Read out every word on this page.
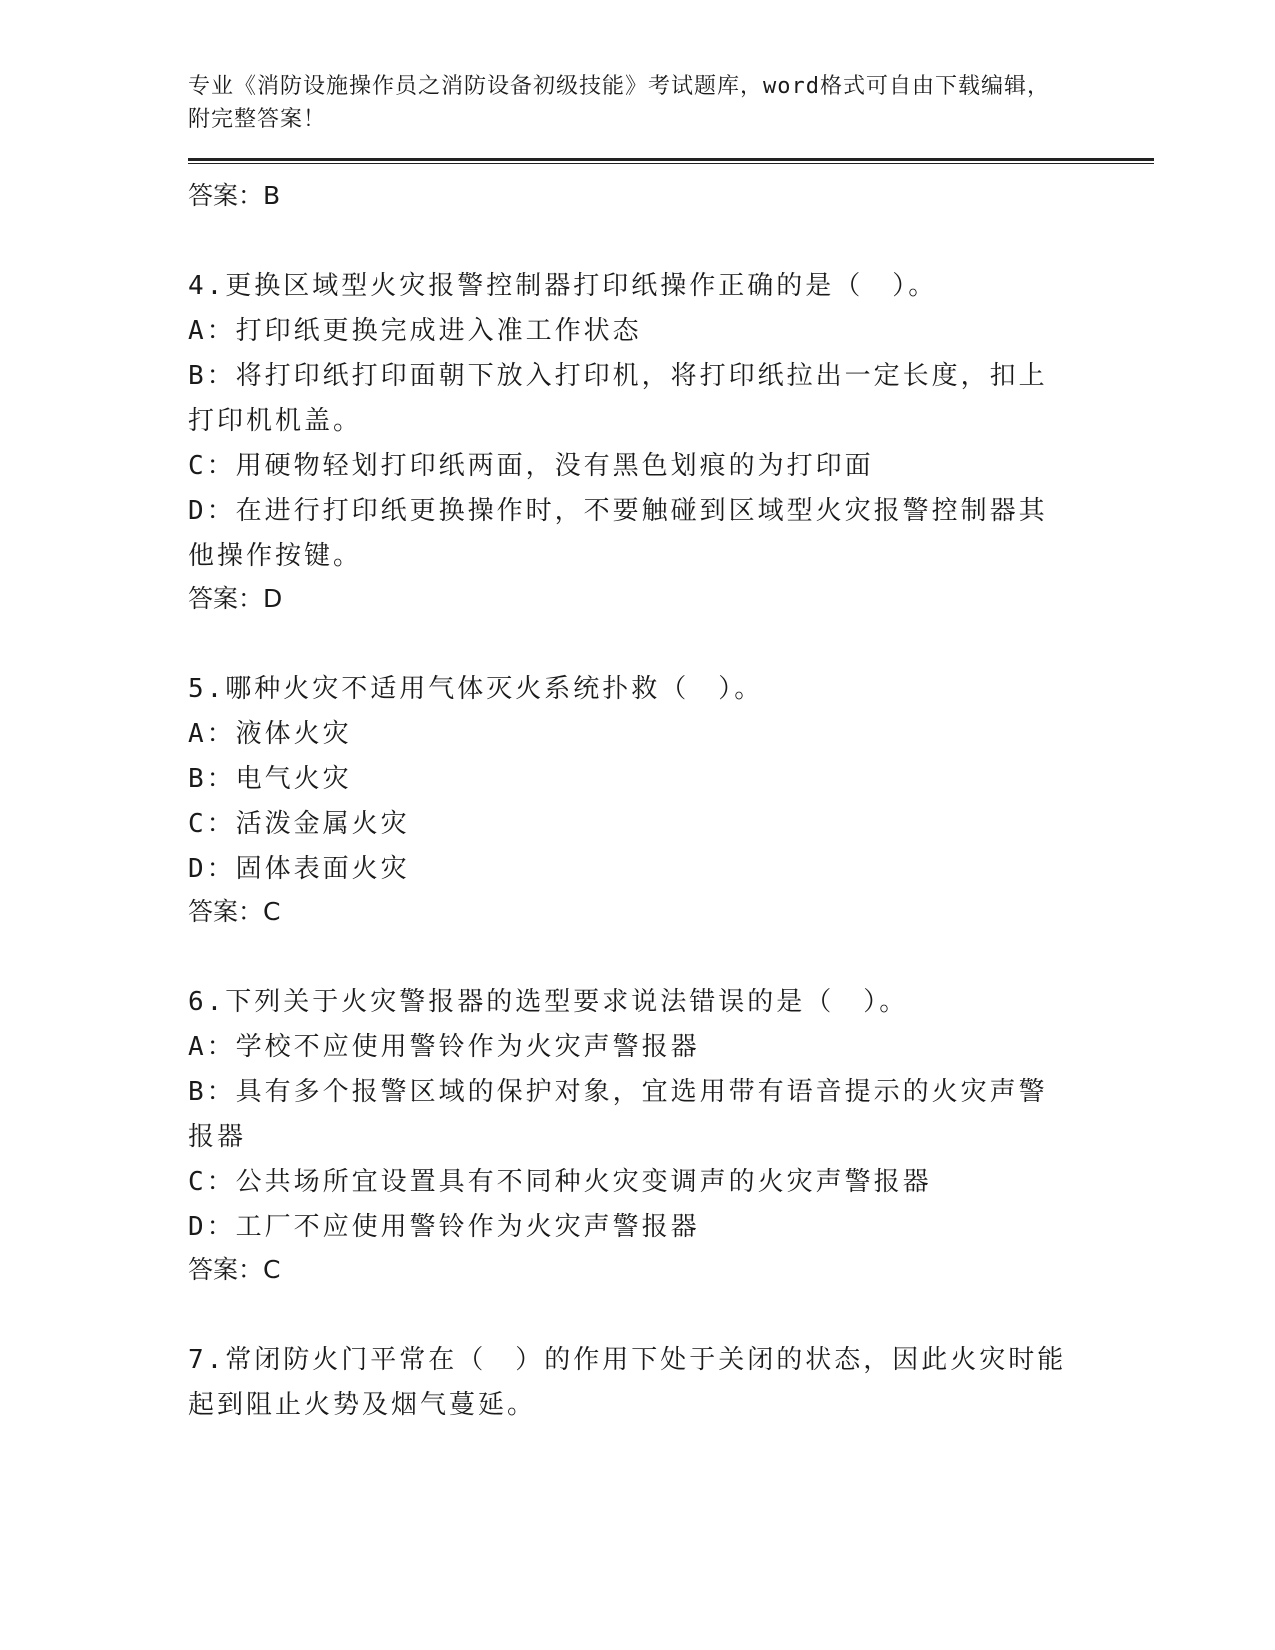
专业《消防设施操作员之消防设备初级技能》考试题库，word格式可自由下载编辑，附完整答案！

答案：B

4.更换区域型火灾报警控制器打印纸操作正确的是（　）。

A：打印纸更换完成进入准工作状态

B：将打印纸打印面朝下放入打印机，将打印纸拉出一定长度，扣上打印机机盖。

C：用硬物轻划打印纸两面，没有黑色划痕的为打印面

D：在进行打印纸更换操作时，不要触碰到区域型火灾报警控制器其他操作按键。

答案：D

5.哪种火灾不适用气体灭火系统扑救（　）。

A：液体火灾

B：电气火灾

C：活泼金属火灾

D：固体表面火灾

答案：C

6.下列关于火灾警报器的选型要求说法错误的是（　）。

A：学校不应使用警铃作为火灾声警报器

B：具有多个报警区域的保护对象，宜选用带有语音提示的火灾声警报器

C：公共场所宜设置具有不同种火灾变调声的火灾声警报器

D：工厂不应使用警铃作为火灾声警报器

答案：C

7.常闭防火门平常在（　）的作用下处于关闭的状态，因此火灾时能起到阻止火势及烟气蔓延。
